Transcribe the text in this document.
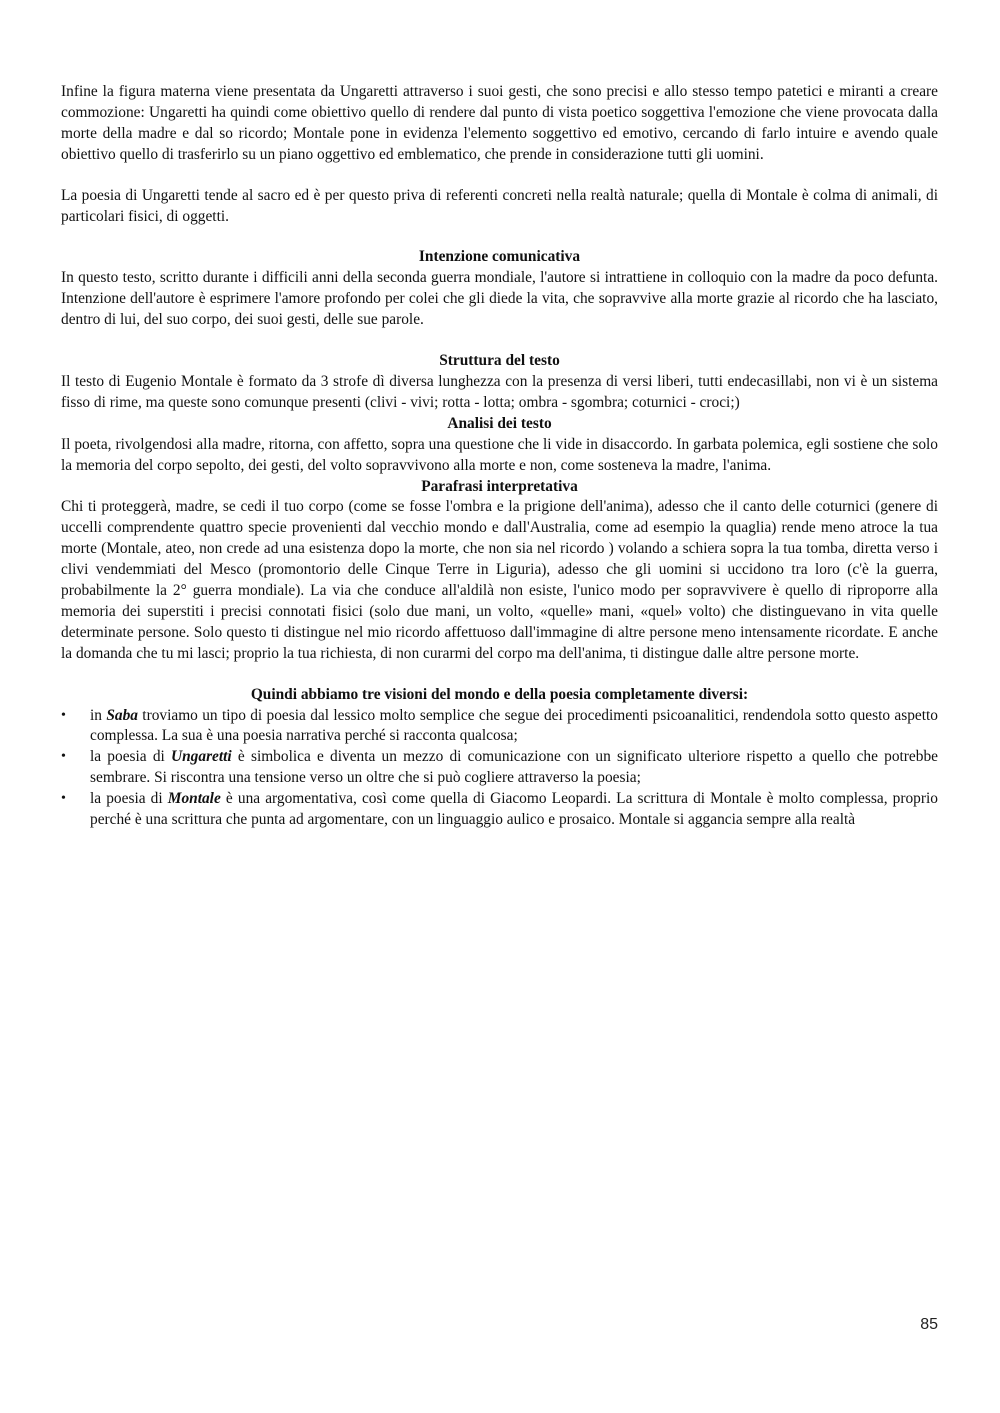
Infine la figura materna viene presentata da Ungaretti attraverso i suoi gesti, che sono precisi e allo stesso tempo patetici e miranti a creare commozione: Ungaretti ha quindi come obiettivo quello di rendere dal punto di vista poetico soggettiva l'emozione che viene provocata dalla morte della madre e dal so ricordo; Montale pone in evidenza l'elemento soggettivo ed emotivo, cercando di farlo intuire e avendo quale obiettivo quello di trasferirlo su un piano oggettivo ed emblematico, che prende in considerazione tutti gli uomini.

La poesia di Ungaretti tende al sacro ed è per questo priva di referenti concreti nella realtà naturale; quella di Montale è colma di animali, di particolari fisici, di oggetti.

Intenzione comunicativa

In questo testo, scritto durante i difficili anni della seconda guerra mondiale, l'autore si intrattiene in colloquio con la madre da poco defunta. Intenzione dell'autore è esprimere l'amore profondo per colei che gli diede la vita, che sopravvive alla morte grazie al ricordo che ha lasciato, dentro di lui, del suo corpo, dei suoi gesti, delle sue parole.

Struttura del testo

Il testo di Eugenio Montale è formato da 3 strofe dì diversa lunghezza con la presenza di versi liberi, tutti endecasillabi, non vi è un sistema fisso di rime, ma queste sono comunque presenti (clivi - vivi; rotta - lotta; ombra - sgombra; coturnici - croci;)

Analisi dei testo

Il poeta, rivolgendosi alla madre, ritorna, con affetto, sopra una questione che li vide in disaccordo. In garbata polemica, egli sostiene che solo la memoria del corpo sepolto, dei gesti, del volto sopravvivono alla morte e non, come sosteneva la madre, l'anima.

Parafrasi interpretativa

Chi ti proteggerà, madre, se cedi il tuo corpo (come se fosse l'ombra e la prigione dell'anima), adesso che il canto delle coturnici (genere di uccelli comprendente quattro specie provenienti dal vecchio mondo e dall'Australia, come ad esempio la quaglia) rende meno atroce la tua morte (Montale, ateo, non crede ad una esistenza dopo la morte, che non sia nel ricordo ) volando a schiera sopra la tua tomba, diretta verso i clivi vendemmiati del Mesco (promontorio delle Cinque Terre in Liguria), adesso che gli uomini si uccidono tra loro (c'è la guerra, probabilmente la 2° guerra mondiale). La via che conduce all'aldilà non esiste, l'unico modo per sopravvivere è quello di riproporre alla memoria dei superstiti i precisi connotati fisici (solo due mani, un volto, «quelle» mani, «quel» volto) che distinguevano in vita quelle determinate persone. Solo questo ti distingue nel mio ricordo affettuoso dall'immagine di altre persone meno intensamente ricordate. E anche la domanda che tu mi lasci; proprio la tua richiesta, di non curarmi del corpo ma dell'anima, ti distingue dalle altre persone morte.

Quindi abbiamo tre visioni del mondo e della poesia completamente diversi:
• in Saba troviamo un tipo di poesia dal lessico molto semplice che segue dei procedimenti psicoanalitici, rendendola sotto questo aspetto complessa. La sua è una poesia narrativa perché si racconta qualcosa;
• la poesia di Ungaretti è simbolica e diventa un mezzo di comunicazione con un significato ulteriore rispetto a quello che potrebbe sembrare. Si riscontra una tensione verso un oltre che si può cogliere attraverso la poesia;
• la poesia di Montale è una argomentativa, così come quella di Giacomo Leopardi. La scrittura di Montale è molto complessa, proprio perché è una scrittura che punta ad argomentare, con un linguaggio aulico e prosaico. Montale si aggancia sempre alla realtà
85
